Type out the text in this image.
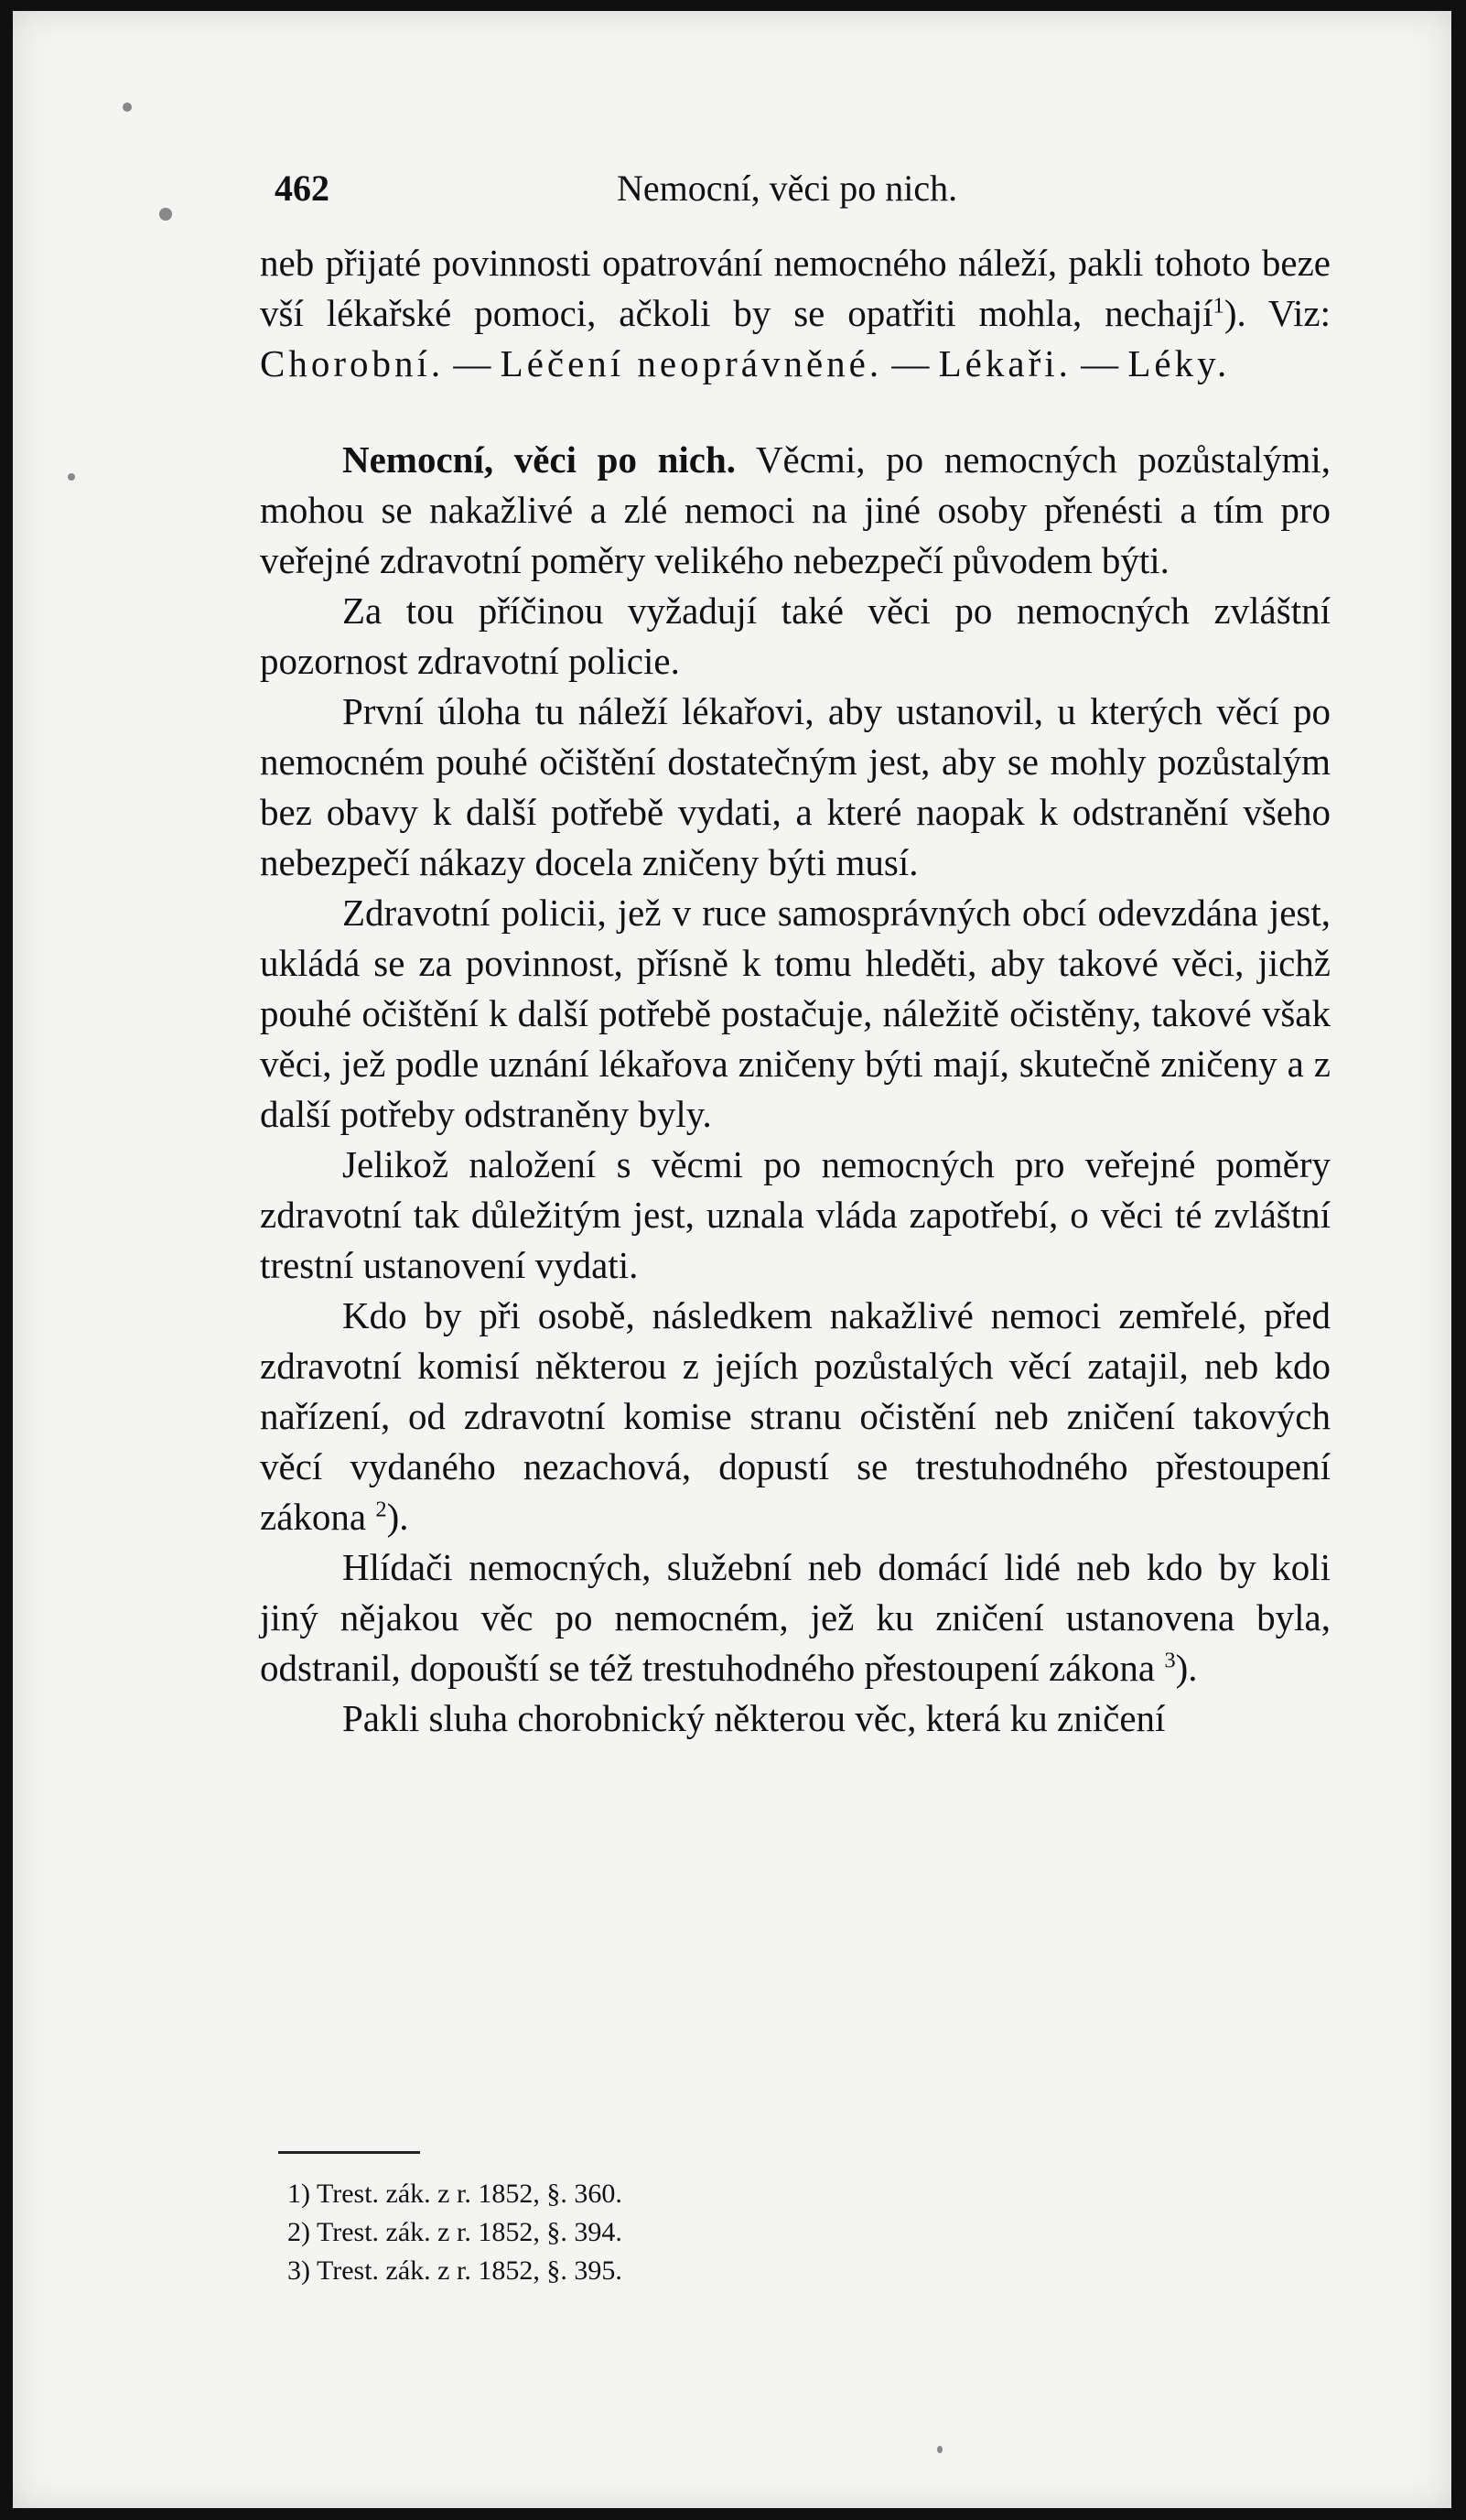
462	Nemocní, věci po nich.

neb přijaté povinnosti opatrování nemocného náleží, pakli tohoto beze vší lékařské pomoci, ačkoli by se opatřiti mohla, nechají$^1$). Viz: Chorobní. — Léčení neoprávněné. — Lékaři. — Léky.

Nemocní, věci po nich. Věcmi, po nemocných pozůstalými, mohou se nakažlivé a zlé nemoci na jiné osoby přenésti a tím pro veřejné zdravotní poměry velikého nebezpečí původem býti.

Za tou příčinou vyžadují také věci po nemocných zvláštní pozornost zdravotní policie.

První úloha tu náleží lékařovi, aby ustanovil, u kterých věcí po nemocném pouhé očištění dostatečným jest, aby se mohly pozůstalým bez obavy k další potřebě vydati, a které naopak k odstranění všeho nebezpečí nákazy docela zničeny býti musí.

Zdravotní policii, jež v ruce samosprávných obcí odevzdána jest, ukládá se za povinnost, přísně k tomu hleděti, aby takové věci, jichž pouhé očištění k další potřebě postačuje, náležitě očistěny, takové však věci, jež podle uznání lékařova zničeny býti mají, skutečně zničeny a z další potřeby odstraněny byly.

Jelikož naložení s věcmi po nemocných pro veřejné poměry zdravotní tak důležitým jest, uznala vláda zapotřebí, o věci té zvláštní trestní ustanovení vydati.

Kdo by při osobě, následkem nakažlivé nemoci zemřelé, před zdravotní komisí některou z jejích pozůstalých věcí zatajil, neb kdo nařízení, od zdravotní komise stranu očistění neb zničení takových věcí vydaného nezachová, dopustí se trestuhodného přestoupení zákona $^2$).

Hlídači nemocných, služební neb domácí lidé neb kdo by koli jiný nějakou věc po nemocném, jež ku zničení ustanovena byla, odstranil, dopouští se též trestuhodného přestoupení zákona $^3$).

Pakli sluha chorobnický některou věc, která ku zničení

1) Trest. zák. z r. 1852, §. 360.
2) Trest. zák. z r. 1852, §. 394.
3) Trest. zák. z r. 1852, §. 395.
